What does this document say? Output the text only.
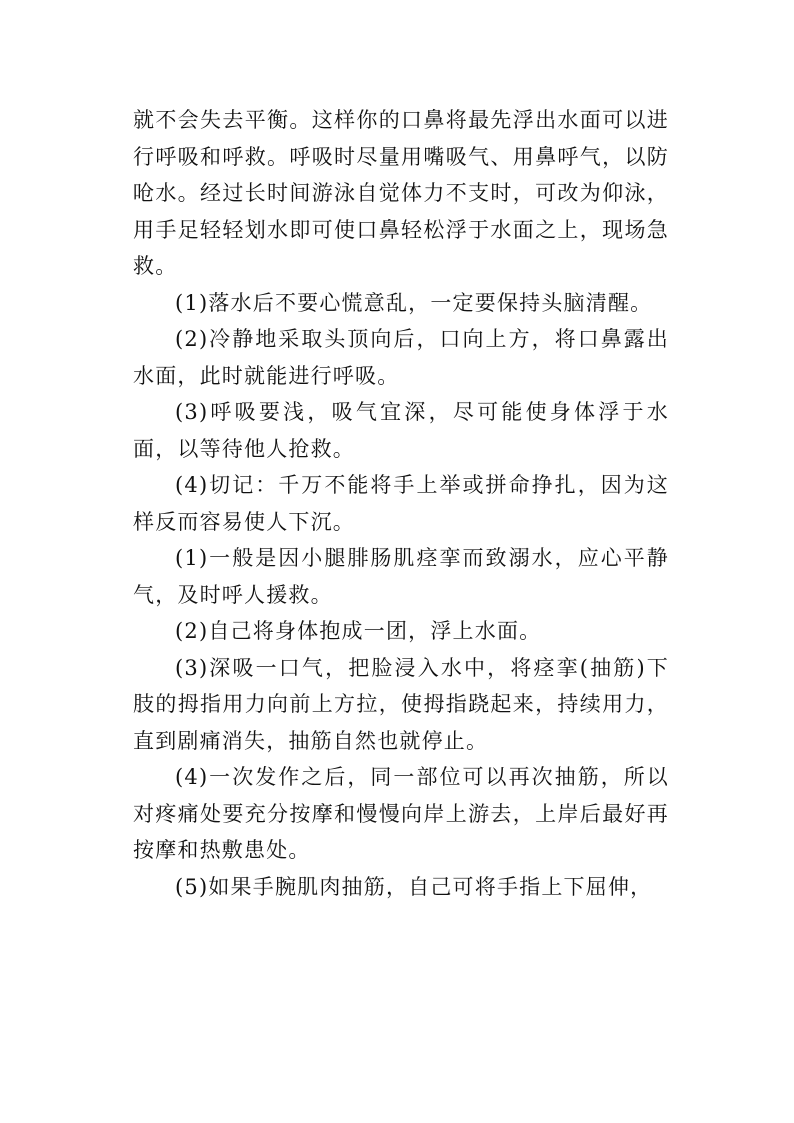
就不会失去平衡。这样你的口鼻将最先浮出水面可以进行呼吸和呼救。呼吸时尽量用嘴吸气、用鼻呼气，以防呛水。经过长时间游泳自觉体力不支时，可改为仰泳，用手足轻轻划水即可使口鼻轻松浮于水面之上，现场急救。

(1)落水后不要心慌意乱，一定要保持头脑清醒。

(2)冷静地采取头顶向后，口向上方，将口鼻露出水面，此时就能进行呼吸。

(3)呼吸要浅，吸气宜深，尽可能使身体浮于水面，以等待他人抢救。

(4)切记：千万不能将手上举或拼命挣扎，因为这样反而容易使人下沉。

(1)一般是因小腿腓肠肌痉挛而致溺水，应心平静气，及时呼人援救。

(2)自己将身体抱成一团，浮上水面。

(3)深吸一口气，把脸浸入水中，将痉挛(抽筋)下肢的拇指用力向前上方拉，使拇指跷起来，持续用力，直到剧痛消失，抽筋自然也就停止。

(4)一次发作之后，同一部位可以再次抽筋，所以对疼痛处要充分按摩和慢慢向岸上游去，上岸后最好再按摩和热敷患处。

(5)如果手腕肌肉抽筋，自己可将手指上下屈伸，
